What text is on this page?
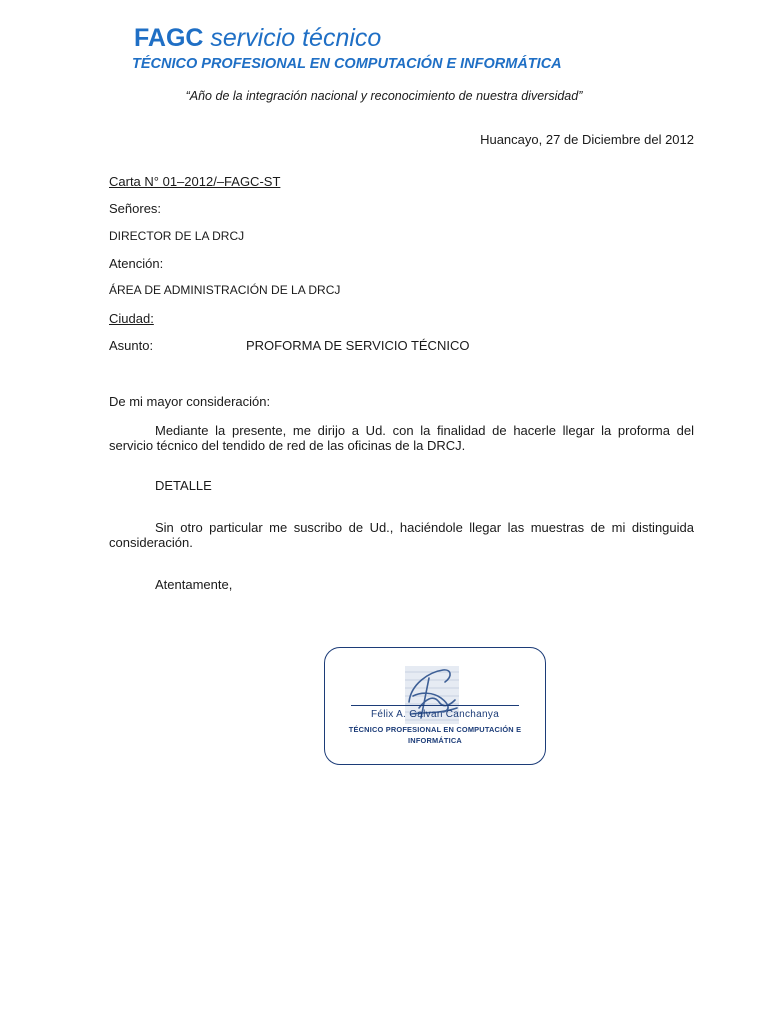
FAGC servicio técnico
TÉCNICO PROFESIONAL EN COMPUTACIÓN E INFORMÁTICA
“Año de la integración nacional y reconocimiento de nuestra diversidad”
Huancayo, 27 de Diciembre del 2012
Carta N° 01–2012/–FAGC-ST
Señores:
DIRECTOR DE LA DRCJ
Atención:
ÁREA DE ADMINISTRACIÓN DE LA DRCJ
Ciudad:
Asunto:	PROFORMA DE SERVICIO TÉCNICO
De mi mayor consideración:
Mediante la presente, me dirijo a Ud. con la finalidad de hacerle llegar la proforma del servicio técnico del tendido de red de las oficinas de la DRCJ.
DETALLE
Sin otro particular me suscribo de Ud., haciéndole llegar las muestras de mi distinguida consideración.
Atentamente,
Félix A. Galvan Canchanya
TÉCNICO PROFESIONAL EN COMPUTACIÓN E INFORMÁTICA
